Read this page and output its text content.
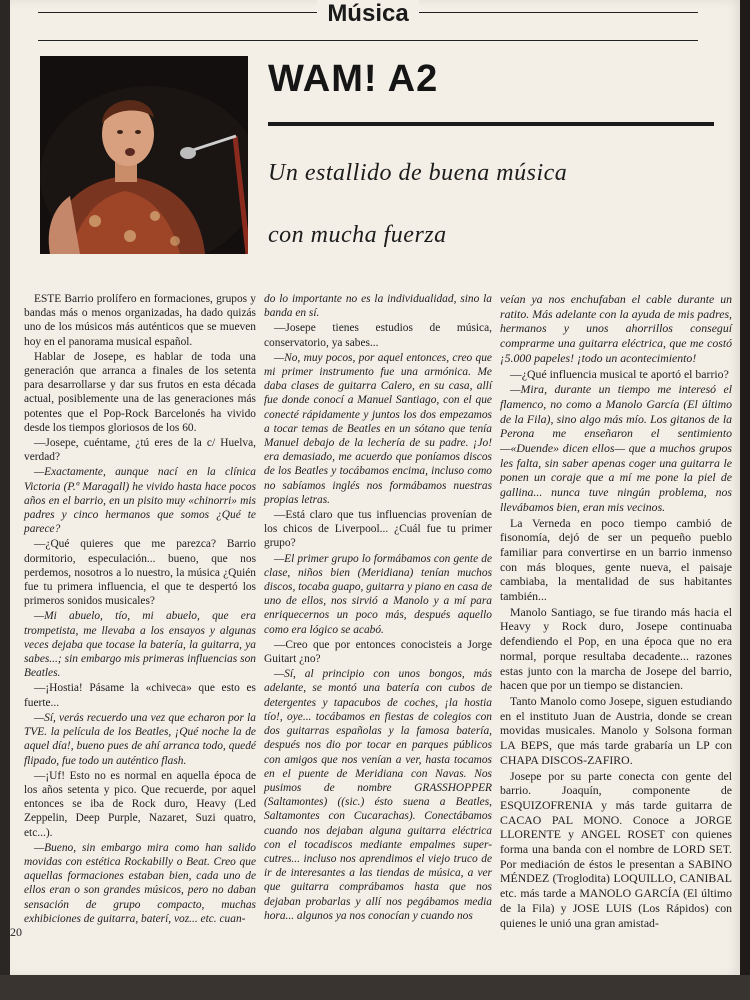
Música
WAM! A2
Un estallido de buena música
con mucha fuerza

ESTE Barrio prolífero en formaciones, grupos y bandas más o menos organizadas, ha dado quizás uno de los músicos más auténticos que se mueven hoy en el panorama musical español.

Hablar de Josepe, es hablar de toda una generación que arranca a finales de los setenta para desarrollarse y dar sus frutos en esta década actual, posiblemente una de las generaciones más potentes que el Pop-Rock Barcelonés ha vivido desde los tiempos gloriosos de los 60.

—Josepe, cuéntame, ¿tú eres de la c/ Huelva, verdad?

—Exactamente, aunque nací en la clínica Victoria (P.º Maragall) he vivido hasta hace pocos años en el barrio, en un pisito muy «chinorri» mis padres y cinco hermanos que somos ¿Qué te parece?

—¿Qué quieres que me parezca? Barrio dormitorio, especulación... bueno, que nos perdemos, nosotros a lo nuestro, la música ¿Quién fue tu primera influencia, el que te despertó los primeros sonidos musicales?

—Mi abuelo, tío, mi abuelo, que era trompetista, me llevaba a los ensayos y algunas veces dejaba que tocase la batería, la guitarra, ya sabes...; sin embargo mis primeras influencias son Beatles.

—¡Hostia! Pásame la «chiveca» que esto es fuerte...

—Sí, verás recuerdo una vez que echaron por la TVE. la película de los Beatles, ¡Qué noche la de aquel día!, bueno pues de ahí arranca todo, quedé flipado, fue todo un auténtico flash.

—¡Uf! Esto no es normal en aquella época de los años setenta y pico. Que recuerde, por aquel entonces se iba de Rock duro, Heavy (Led Zeppelin, Deep Purple, Nazaret, Suzi quatro, etc...).

—Bueno, sin embargo mira como han salido movidas con estética Rockabilly o Beat. Creo que aquellas formaciones estaban bien, cada uno de ellos eran o son grandes músicos, pero no daban sensación de grupo compacto, muchas exhibiciones de guitarra, baterí, voz... etc. cuan-

do lo importante no es la individualidad, sino la banda en sí.

—Josepe tienes estudios de música, conservatorio, ya sabes...

—No, muy pocos, por aquel entonces, creo que mi primer instrumento fue una armónica. Me daba clases de guitarra Calero, en su casa, allí fue donde conocí a Manuel Santiago, con el que conecté rápidamente y juntos los dos empezamos a tocar temas de Beatles en un sótano que tenía Manuel debajo de la lechería de su padre. ¡Jo! era demasiado, me acuerdo que poníamos discos de los Beatles y tocábamos encima, incluso como no sabíamos inglés nos formábamos nuestras propias letras.

—Está claro que tus influencias provenían de los chicos de Liverpool... ¿Cuál fue tu primer grupo?

—El primer grupo lo formábamos con gente de clase, niños bien (Meridiana) tenían muchos discos, tocaba guapo, guitarra y piano en casa de uno de ellos, nos sirvió a Manolo y a mí para enriquecernos un poco más, después aquello como era lógico se acabó.

—Creo que por entonces conocisteis a Jorge Guitart ¿no?

—Sí, al principio con unos bongos, más adelante, se montó una batería con cubos de detergentes y tapacubos de coches, ¡la hostia tío!, oye... tocábamos en fiestas de colegios con dos guitarras españolas y la famosa batería, después nos dio por tocar en parques públicos con amigos que nos venían a ver, hasta tocamos en el puente de Meridiana con Navas. Nos pusimos de nombre GRASSHOPPER (Saltamontes) ((sic.) ésto suena a Beatles, Saltamontes con Cucarachas). Conectábamos cuando nos dejaban alguna guitarra eléctrica con el tocadiscos mediante empalmes super-cutres... incluso nos aprendimos el viejo truco de ir de interesantes a las tiendas de música, a ver que guitarra comprábamos hasta que nos dejaban probarlas y allí nos pegábamos media hora... algunos ya nos conocían y cuando nos

veían ya nos enchufaban el cable durante un ratito. Más adelante con la ayuda de mis padres, hermanos y unos ahorrillos conseguí comprarme una guitarra eléctrica, que me costó ¡5.000 papeles! ¡todo un acontecimiento!

—¿Qué influencia musical te aportó el barrio?

—Mira, durante un tiempo me interesó el flamenco, no como a Manolo García (El último de la Fila), sino algo más mío. Los gitanos de la Perona me enseñaron el sentimiento —«Duende» dicen ellos— que a muchos grupos les falta, sin saber apenas coger una guitarra le ponen un coraje que a mí me pone la piel de gallina... nunca tuve ningún problema, nos llevábamos bien, eran mis vecinos.

La Verneda en poco tiempo cambió de fisonomía, dejó de ser un pequeño pueblo familiar para convertirse en un barrio inmenso con más bloques, gente nueva, el paisaje cambiaba, la mentalidad de sus habitantes también...

Manolo Santiago, se fue tirando más hacia el Heavy y Rock duro, Josepe continuaba defendiendo el Pop, en una época que no era normal, porque resultaba decadente... razones estas junto con la marcha de Josepe del barrio, hacen que por un tiempo se distancien.

Tanto Manolo como Josepe, siguen estudiando en el instituto Juan de Austria, donde se crean movidas musicales. Manolo y Solsona forman LA BEPS, que más tarde grabaría un LP con CHAPA DISCOS-ZAFIRO.

Josepe por su parte conecta con gente del barrio. Joaquín, componente de ESQUIZOFRENIA y más tarde guitarra de CACAO PAL MONO. Conoce a JORGE LLORENTE y ANGEL ROSET con quienes forma una banda con el nombre de LORD SET. Por mediación de éstos le presentan a SABINO MÉNDEZ (Troglodita) LOQUILLO, CANIBAL etc. más tarde a MANOLO GARCÍA (El último de la Fila) y JOSE LUIS (Los Rápidos) con quienes le unió una gran amistad-

20
